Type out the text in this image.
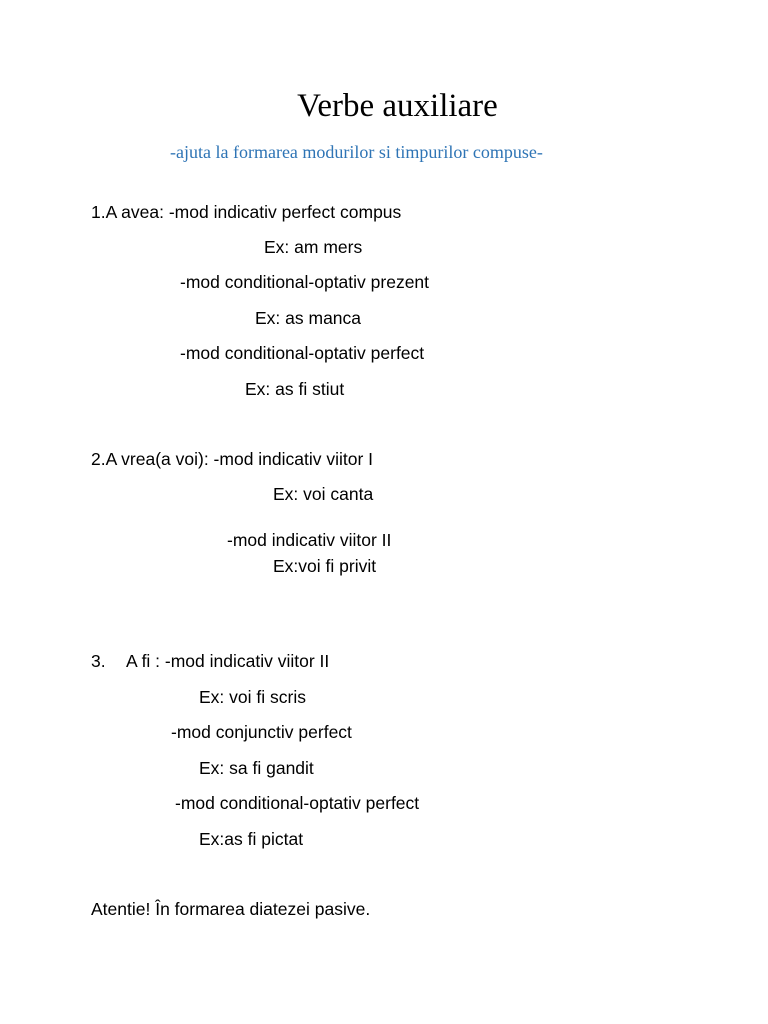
Verbe auxiliare
-ajuta la formarea modurilor si timpurilor compuse-
1.A avea: -mod indicativ perfect compus
Ex: am mers
-mod conditional-optativ prezent
Ex: as manca
-mod conditional-optativ perfect
Ex: as fi stiut
2.A vrea(a voi): -mod indicativ viitor I
Ex: voi canta
-mod indicativ viitor II
Ex:voi fi privit
3. A fi : -mod indicativ viitor II
Ex: voi fi scris
-mod conjunctiv perfect
Ex: sa fi gandit
-mod conditional-optativ perfect
Ex:as fi pictat
Atentie! În formarea diatezei pasive.
